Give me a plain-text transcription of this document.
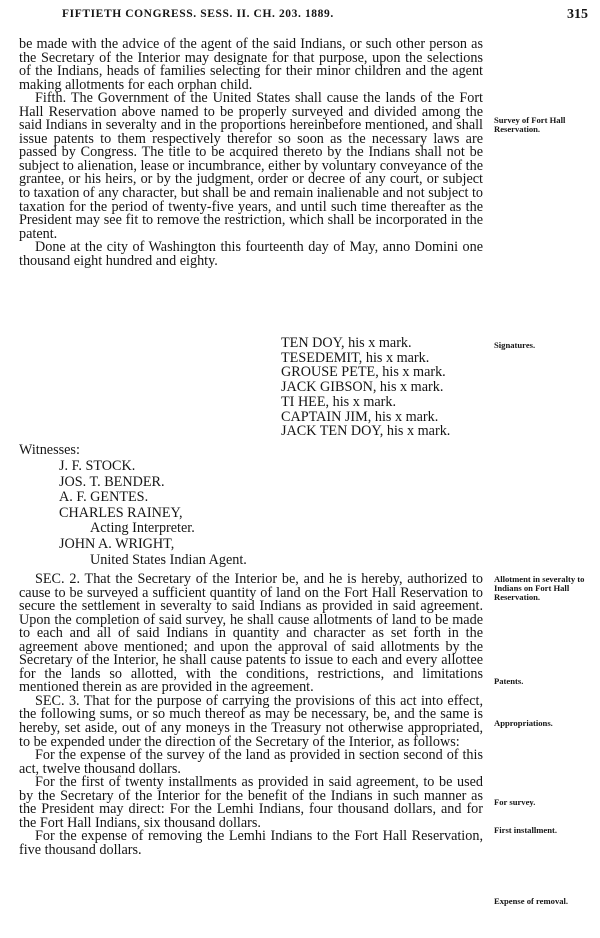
FIFTIETH CONGRESS. SESS. II. CH. 203. 1889.	315

be made with the advice of the agent of the said Indians, or such other person as the Secretary of the Interior may designate for that purpose, upon the selections of the Indians, heads of families selecting for their minor children and the agent making allotments for each orphan child.

Fifth. The Government of the United States shall cause the lands of the Fort Hall Reservation above named to be properly surveyed and divided among the said Indians in severalty and in the proportions hereinbefore mentioned, and shall issue patents to them respectively therefor so soon as the necessary laws are passed by Congress. The title to be acquired thereto by the Indians shall not be subject to alienation, lease or incumbrance, either by voluntary conveyance of the grantee, or his heirs, or by the judgment, order or decree of any court, or subject to taxation of any character, but shall be and remain inalienable and not subject to taxation for the period of twenty-five years, and until such time thereafter as the President may see fit to remove the restriction, which shall be incorporated in the patent.

Done at the city of Washington this fourteenth day of May, anno Domini one thousand eight hundred and eighty.

TEN DOY, his x mark.
TESEDEMIT, his x mark.
GROUSE PETE, his x mark.
JACK GIBSON, his x mark.
TI HEE, his x mark.
CAPTAIN JIM, his x mark.
JACK TEN DOY, his x mark.
Witnesses:
J. F. STOCK.
JOS. T. BENDER.
A. F. GENTES.
CHARLES RAINEY,
Acting Interpreter.
JOHN A. WRIGHT,
United States Indian Agent.

SEC. 2. That the Secretary of the Interior be, and he is hereby, authorized to cause to be surveyed a sufficient quantity of land on the Fort Hall Reservation to secure the settlement in severalty to said Indians as provided in said agreement. Upon the completion of said survey, he shall cause allotments of land to be made to each and all of said Indians in quantity and character as set forth in the agreement above mentioned; and upon the approval of said allotments by the Secretary of the Interior, he shall cause patents to issue to each and every allottee for the lands so allotted, with the conditions, restrictions, and limitations mentioned therein as are provided in the agreement.

SEC. 3. That for the purpose of carrying the provisions of this act into effect, the following sums, or so much thereof as may be necessary, be, and the same is hereby, set aside, out of any moneys in the Treasury not otherwise appropriated, to be expended under the direction of the Secretary of the Interior, as follows:

For the expense of the survey of the land as provided in section second of this act, twelve thousand dollars.

For the first of twenty installments as provided in said agreement, to be used by the Secretary of the Interior for the benefit of the Indians in such manner as the President may direct: For the Lemhi Indians, four thousand dollars, and for the Fort Hall Indians, six thousand dollars.

For the expense of removing the Lemhi Indians to the Fort Hall Reservation, five thousand dollars.

Survey of Fort Hall Reservation.
Signatures.
Allotment in severalty to Indians on Fort Hall Reservation.
Patents.
Appropriations.
For survey.
First installment.
Expense of removal.
